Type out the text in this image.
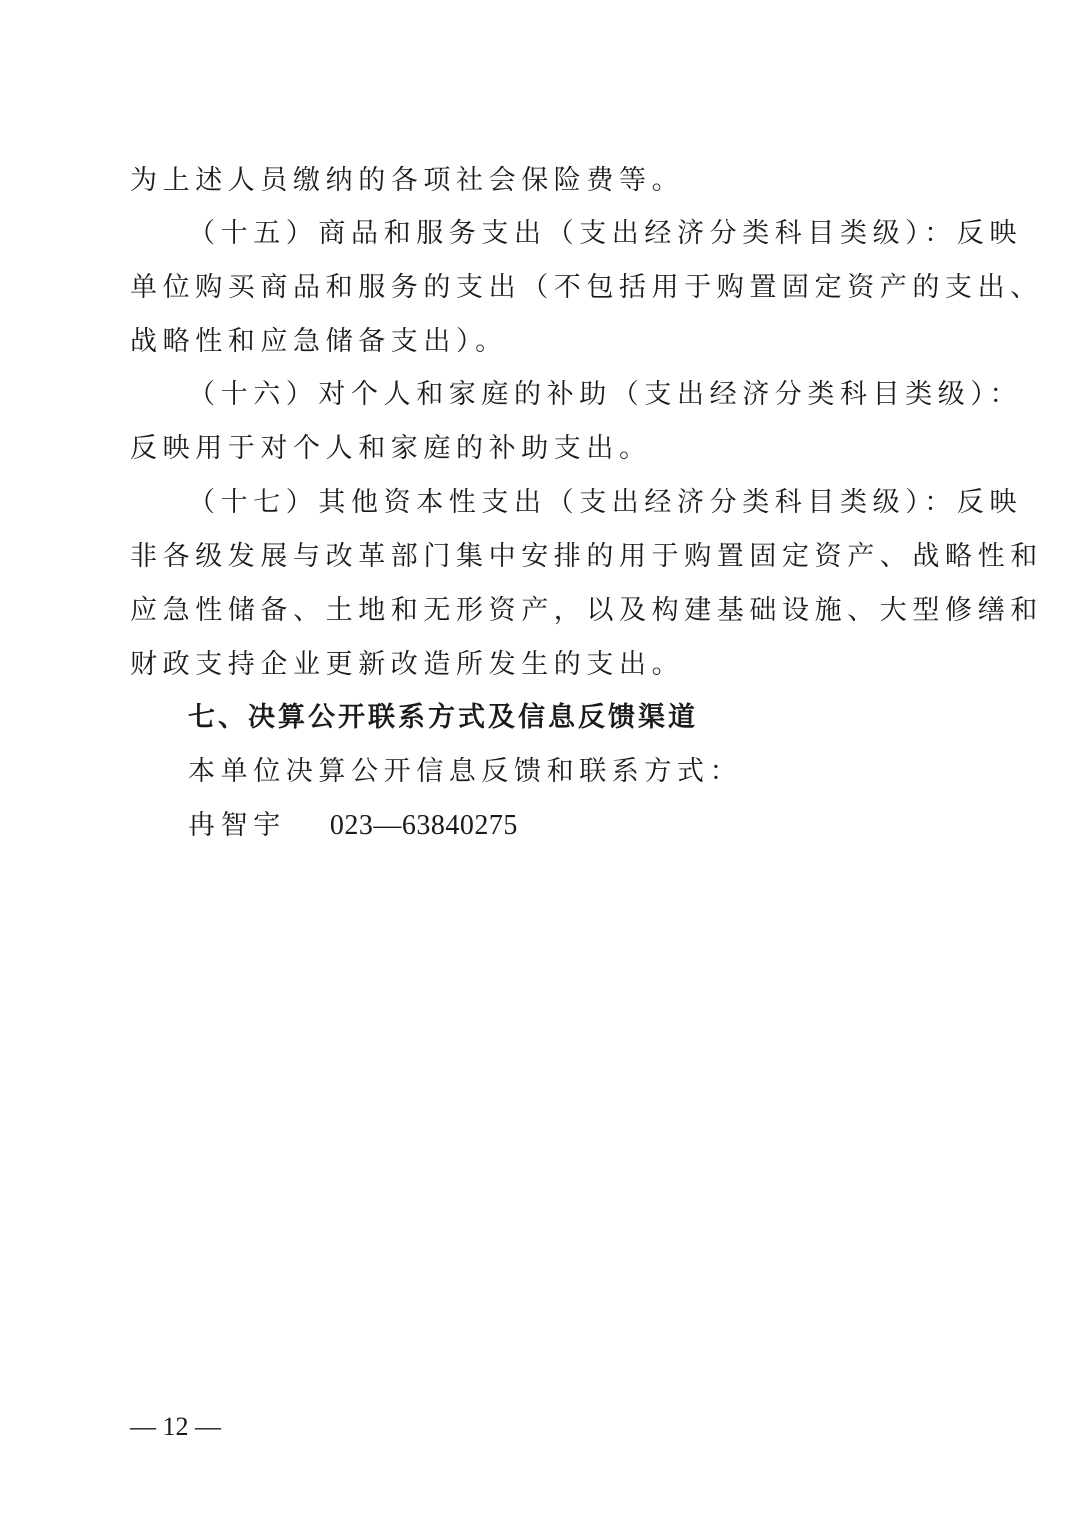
为上述人员缴纳的各项社会保险费等。
（十五）商品和服务支出（支出经济分类科目类级）：反映
单位购买商品和服务的支出（不包括用于购置固定资产的支出、
战略性和应急储备支出）。
（十六）对个人和家庭的补助（支出经济分类科目类级）：
反映用于对个人和家庭的补助支出。
（十七）其他资本性支出（支出经济分类科目类级）：反映
非各级发展与改革部门集中安排的用于购置固定资产、战略性和
应急性储备、土地和无形资产，以及构建基础设施、大型修缮和
财政支持企业更新改造所发生的支出。
七、决算公开联系方式及信息反馈渠道
本单位决算公开信息反馈和联系方式：
冉智宇 023—63840275
— 12 —
